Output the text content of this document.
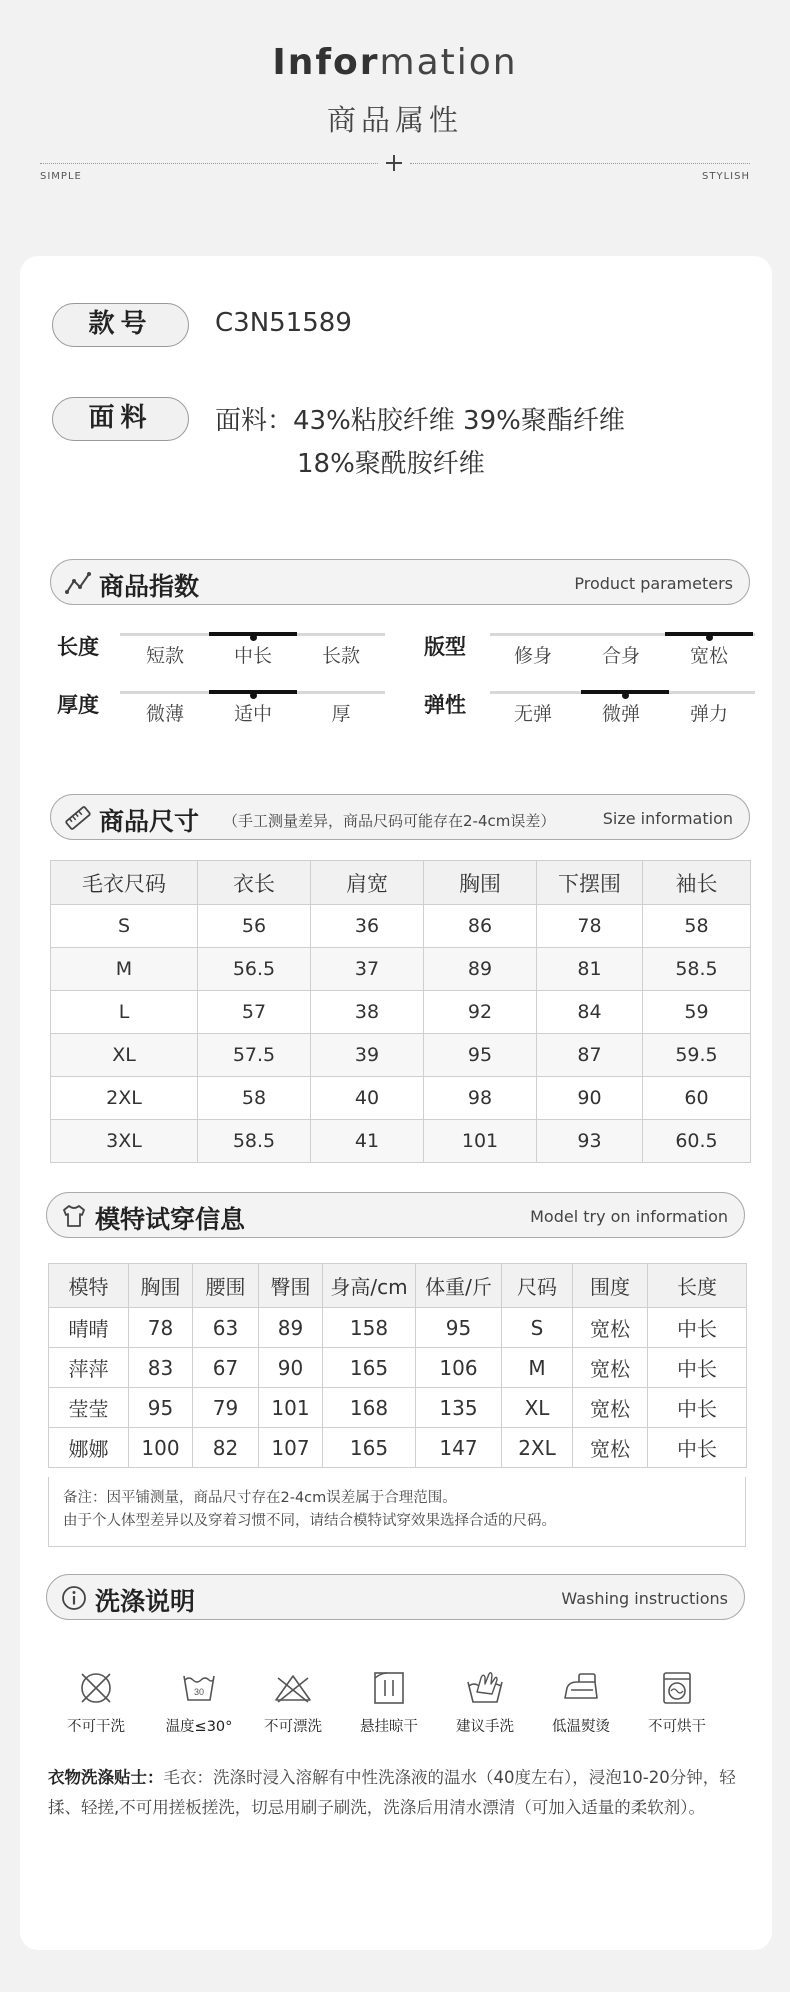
Information
商品属性
SIMPLE	STYLISH
款号	C3N51589
面料	面料：43%粘胶纤维 39%聚酯纤维
18%聚酰胺纤维
商品指数	Product parameters
长度	短款	中长	长款	版型	修身	合身	宽松
厚度	微薄	适中	厚	弹性	无弹	微弹	弹力
商品尺寸 （手工测量差异，商品尺码可能存在2-4cm误差）	Size information
毛衣尺码	衣长	肩宽	胸围	下摆围	袖长
S	56	36	86	78	58
M	56.5	37	89	81	58.5
L	57	38	92	84	59
XL	57.5	39	95	87	59.5
2XL	58	40	98	90	60
3XL	58.5	41	101	93	60.5
模特试穿信息	Model try on information
模特	胸围	腰围	臀围	身高/cm	体重/斤	尺码	围度	长度
晴晴	78	63	89	158	95	S	宽松	中长
萍萍	83	67	90	165	106	M	宽松	中长
莹莹	95	79	101	168	135	XL	宽松	中长
娜娜	100	82	107	165	147	2XL	宽松	中长
备注：因平铺测量，商品尺寸存在2-4cm误差属于合理范围。
由于个人体型差异以及穿着习惯不同，请结合模特试穿效果选择合适的尺码。
洗涤说明	Washing instructions
不可干洗
30
温度≤30°	不可漂洗	悬挂晾干	建议手洗	低温熨烫	不可烘干
衣物洗涤贴士：毛衣：洗涤时浸入溶解有中性洗涤液的温水（40度左右），浸泡10-20分钟，轻揉、轻搓,不可用搓板搓洗，切忌用刷子刷洗，洗涤后用清水漂清（可加入适量的柔软剂）。
